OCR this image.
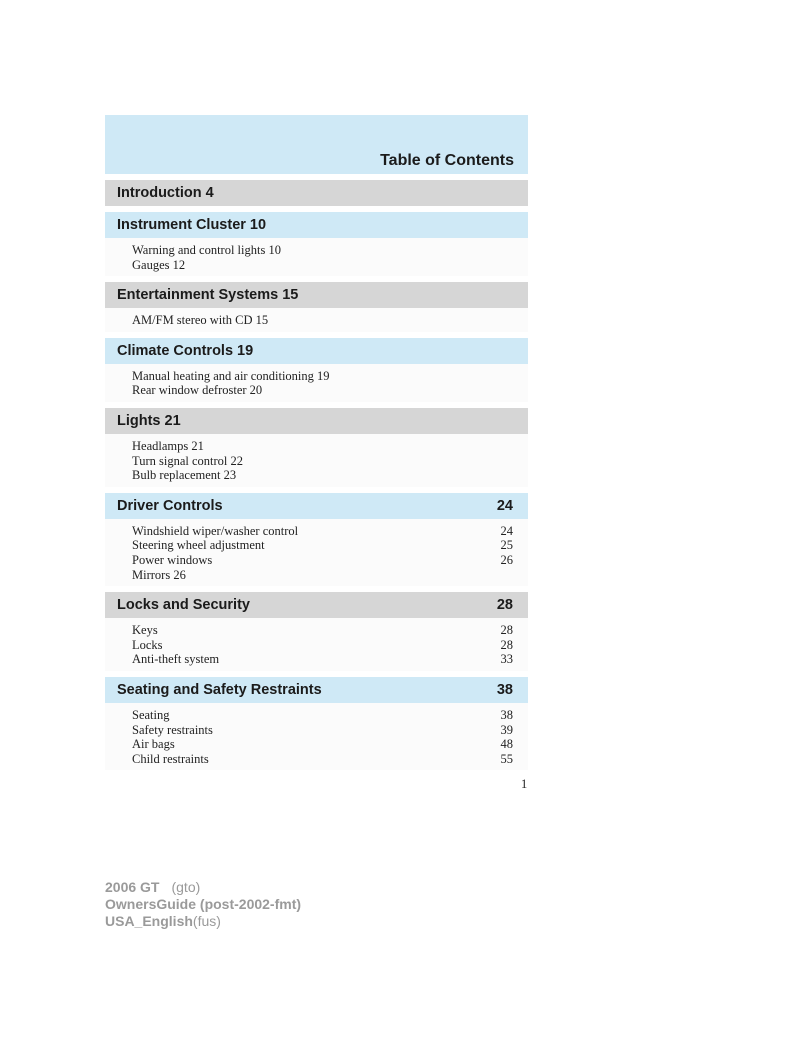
Table of Contents
Introduction 4
Instrument Cluster 10
Warning and control lights 10
Gauges 12
Entertainment Systems 15
AM/FM stereo with CD 15
Climate Controls 19
Manual heating and air conditioning 19
Rear window defroster 20
Lights 21
Headlamps 21
Turn signal control 22
Bulb replacement 23
Driver Controls	24
Windshield wiper/washer control	24
Steering wheel adjustment	25
Power windows	26
Mirrors 26
Locks and Security	28
Keys	28
Locks	28
Anti-theft system	33
Seating and Safety Restraints	38
Seating	38
Safety restraints	39
Air bags	48
Child restraints	55
1
2006 GT (gto)
OwnersGuide (post-2002-fmt)
USA_English(fus)
